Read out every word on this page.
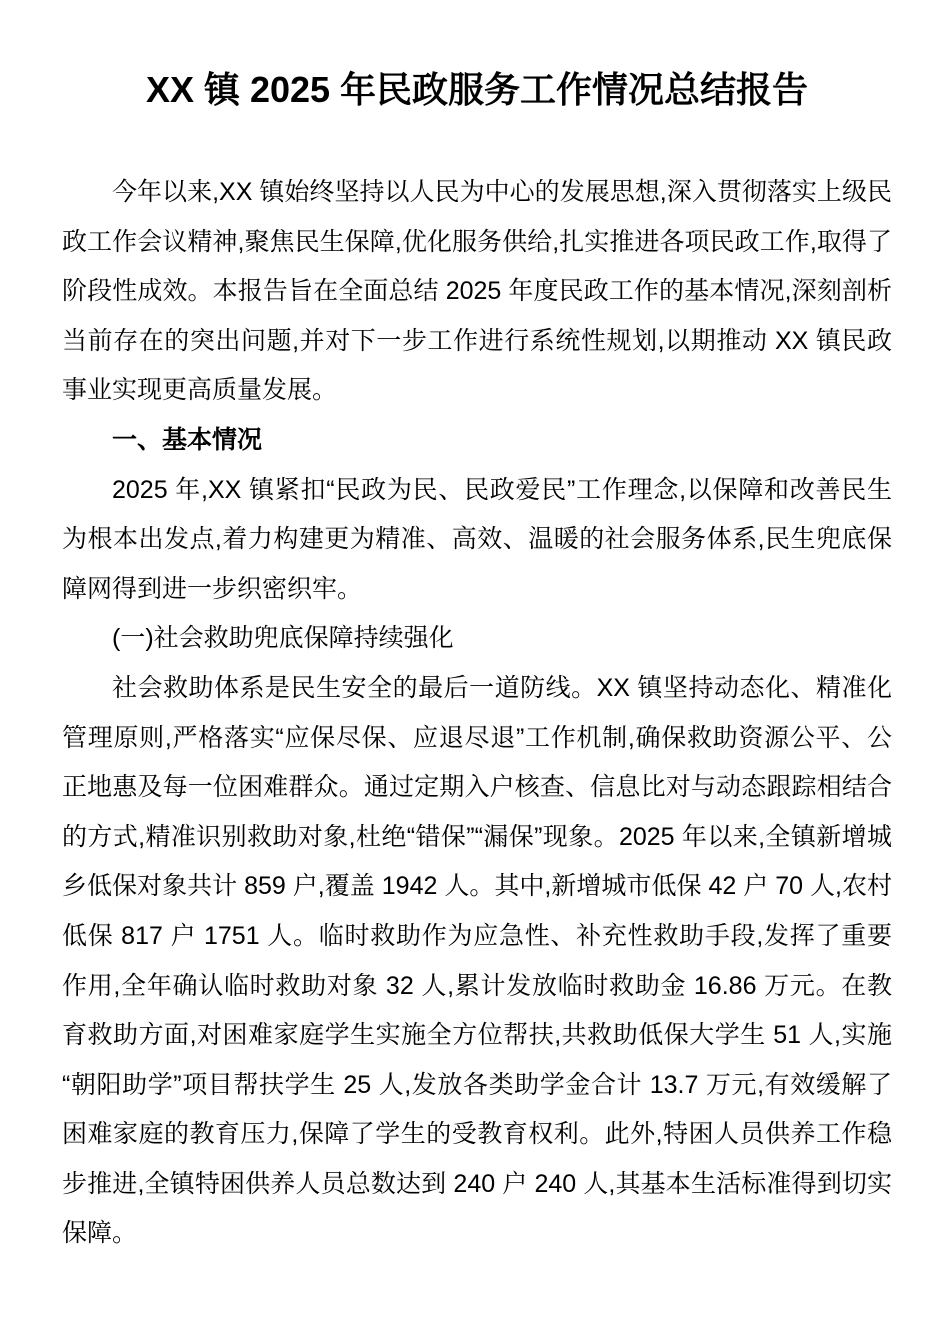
XX 镇 2025 年民政服务工作情况总结报告

今年以来,XX 镇始终坚持以人民为中心的发展思想,深入贯彻落实上级民政工作会议精神,聚焦民生保障,优化服务供给,扎实推进各项民政工作,取得了阶段性成效。本报告旨在全面总结 2025 年度民政工作的基本情况,深刻剖析当前存在的突出问题,并对下一步工作进行系统性规划,以期推动 XX 镇民政事业实现更高质量发展。

一、基本情况

2025 年,XX 镇紧扣“民政为民、民政爱民”工作理念,以保障和改善民生为根本出发点,着力构建更为精准、高效、温暖的社会服务体系,民生兜底保障网得到进一步织密织牢。

(一)社会救助兜底保障持续强化

社会救助体系是民生安全的最后一道防线。XX 镇坚持动态化、精准化管理原则,严格落实“应保尽保、应退尽退”工作机制,确保救助资源公平、公正地惠及每一位困难群众。通过定期入户核查、信息比对与动态跟踪相结合的方式,精准识别救助对象,杜绝“错保”“漏保”现象。2025 年以来,全镇新增城乡低保对象共计 859 户,覆盖 1942 人。其中,新增城市低保 42 户 70 人,农村低保 817 户 1751 人。临时救助作为应急性、补充性救助手段,发挥了重要作用,全年确认临时救助对象 32 人,累计发放临时救助金 16.86 万元。在教育救助方面,对困难家庭学生实施全方位帮扶,共救助低保大学生 51 人,实施“朝阳助学”项目帮扶学生 25 人,发放各类助学金合计 13.7 万元,有效缓解了困难家庭的教育压力,保障了学生的受教育权利。此外,特困人员供养工作稳步推进,全镇特困供养人员总数达到 240 户 240 人,其基本生活标准得到切实保障。
